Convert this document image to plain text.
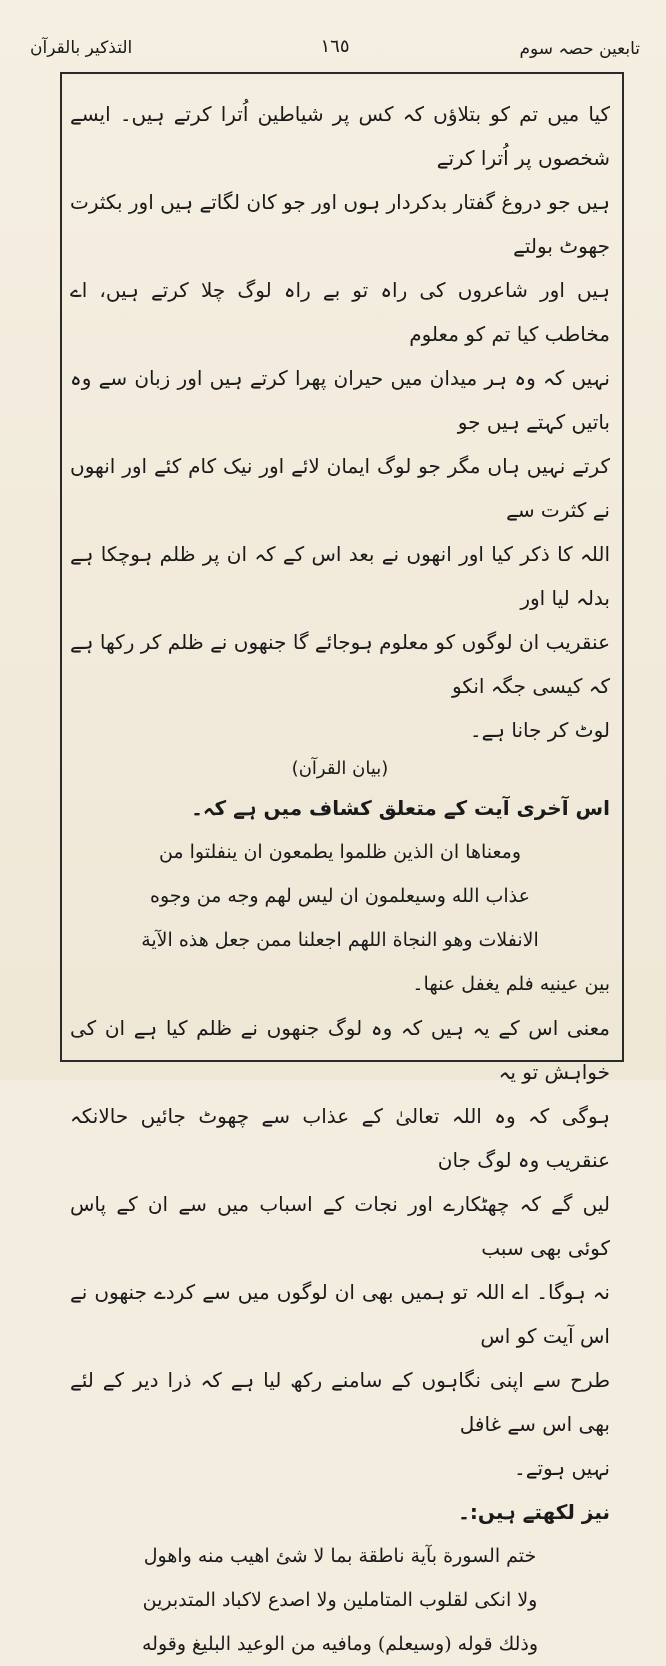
تابعین حصہ سوم
١٦٥
التذکیر بالقرآن

کیا میں تم کو بتلاؤں کہ کس پر شیاطین اُترا کرتے ہیں۔ ایسے شخصوں پر اُترا کرتے

ہیں جو دروغ گفتار بدکردار ہوں اور جو کان لگاتے ہیں اور بکثرت جھوٹ بولتے

ہیں اور شاعروں کی راہ تو بے راہ لوگ چلا کرتے ہیں، اے مخاطب کیا تم کو معلوم

نہیں کہ وہ ہر میدان میں حیران پھرا کرتے ہیں اور زبان سے وہ باتیں کہتے ہیں جو

کرتے نہیں ہاں مگر جو لوگ ایمان لائے اور نیک کام کئے اور انھوں نے کثرت سے

اللہ کا ذکر کیا اور انھوں نے بعد اس کے کہ ان پر ظلم ہوچکا ہے بدلہ لیا اور

عنقریب ان لوگوں کو معلوم ہوجائے گا جنھوں نے ظلم کر رکھا ہے کہ کیسی جگہ انکو

لوٹ کر جانا ہے۔

(بیان القرآن)

اس آخری آیت کے متعلق کشاف میں ہے کہ۔

ومعناها ان الذین ظلموا یطمعون ان ینفلتوا من

عذاب الله وسیعلمون ان لیس لهم وجه من وجوه

الانفلات وهو النجاة اللهم اجعلنا ممن جعل هذه الآية

بین عینیه فلم یغفل عنها۔

معنی اس کے یہ ہیں کہ وہ لوگ جنھوں نے ظلم کیا ہے ان کی خواہش تو یہ

ہوگی کہ وہ اللہ تعالیٰ کے عذاب سے چھوٹ جائیں حالانکہ عنقریب وہ لوگ جان

لیں گے کہ چھٹکارے اور نجات کے اسباب میں سے ان کے پاس کوئی بھی سبب

نہ ہوگا۔ اے اللہ تو ہمیں بھی ان لوگوں میں سے کردے جنھوں نے اس آیت کو اس

طرح سے اپنی نگاہوں کے سامنے رکھ لیا ہے کہ ذرا دیر کے لئے بھی اس سے غافل

نہیں ہوتے۔

نیز لکھتے ہیں:۔

ختم السورة بآية ناطقة بما لا شئ اهيب منه واهول

ولا انكى لقلوب المتاملين ولا اصدع لاكباد المتدبرين

وذلك قوله (وسيعلم) ومافيه من الوعيد البليغ وقوله
